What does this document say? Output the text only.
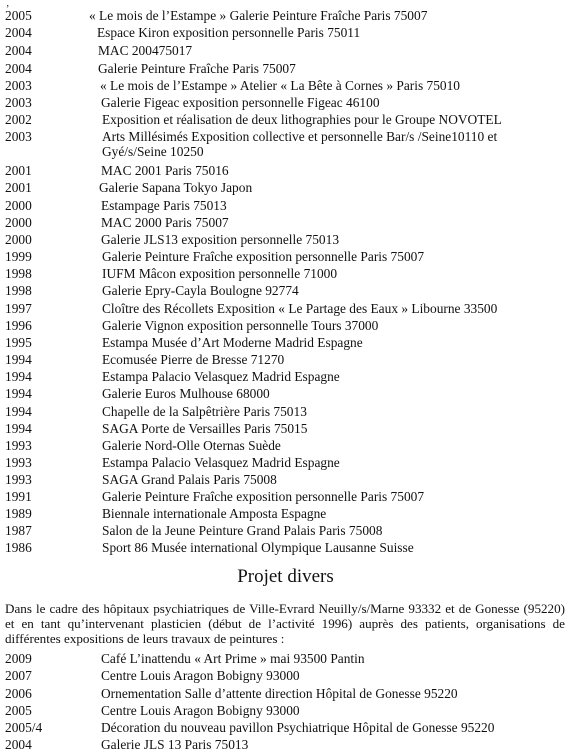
‚
2005	« Le mois de l’Estampe » Galerie Peinture Fraîche Paris 75007
2004	Espace Kiron exposition personnelle Paris 75011
2004	MAC 200475017
2004	Galerie Peinture Fraîche Paris 75007
2003	« Le mois de l’Estampe » Atelier « La Bête à Cornes » Paris 75010
2003	Galerie Figeac exposition personnelle Figeac 46100
2002	Exposition et réalisation de deux lithographies pour le Groupe NOVOTEL
2003	Arts Millésimés Exposition collective et personnelle Bar/s /Seine10110 et Gyé/s/Seine 10250
2001	MAC 2001 Paris 75016
2001	Galerie Sapana Tokyo Japon
2000	Estampage Paris 75013
2000	MAC 2000 Paris 75007
2000	Galerie JLS13 exposition personnelle 75013
1999	Galerie Peinture Fraîche exposition personnelle Paris 75007
1998	IUFM Mâcon exposition personnelle 71000
1998	Galerie Epry-Cayla Boulogne 92774
1997	Cloître des Récollets Exposition « Le Partage des Eaux » Libourne 33500
1996	Galerie Vignon exposition personnelle Tours 37000
1995	Estampa Musée d’Art Moderne Madrid Espagne
1994	Ecomusée Pierre de Bresse 71270
1994	Estampa Palacio Velasquez Madrid Espagne
1994	Galerie Euros Mulhouse 68000
1994	Chapelle de la Salpêtrière Paris 75013
1994	SAGA Porte de Versailles Paris 75015
1993	Galerie Nord-Olle Oternas Suède
1993	Estampa Palacio Velasquez Madrid Espagne
1993	SAGA Grand Palais Paris 75008
1991	Galerie Peinture Fraîche exposition personnelle Paris 75007
1989	Biennale internationale Amposta Espagne
1987	Salon de la Jeune Peinture Grand Palais Paris 75008
1986	Sport 86 Musée international Olympique Lausanne Suisse
Projet divers
Dans le cadre des hôpitaux psychiatriques de Ville-Evrard Neuilly/s/Marne 93332 et de Gonesse (95220) et en tant qu’intervenant plasticien (début de l’activité 1996) auprès des patients, organisations de différentes expositions de leurs travaux de peintures :
2009	Café L’inattendu « Art Prime » mai 93500 Pantin
2007	Centre Louis Aragon Bobigny 93000
2006	Ornementation Salle d’attente direction Hôpital de Gonesse 95220
2005	Centre Louis Aragon Bobigny 93000
2005/4	Décoration du nouveau pavillon Psychiatrique Hôpital de Gonesse 95220
2004	Galerie JLS 13 Paris 75013
